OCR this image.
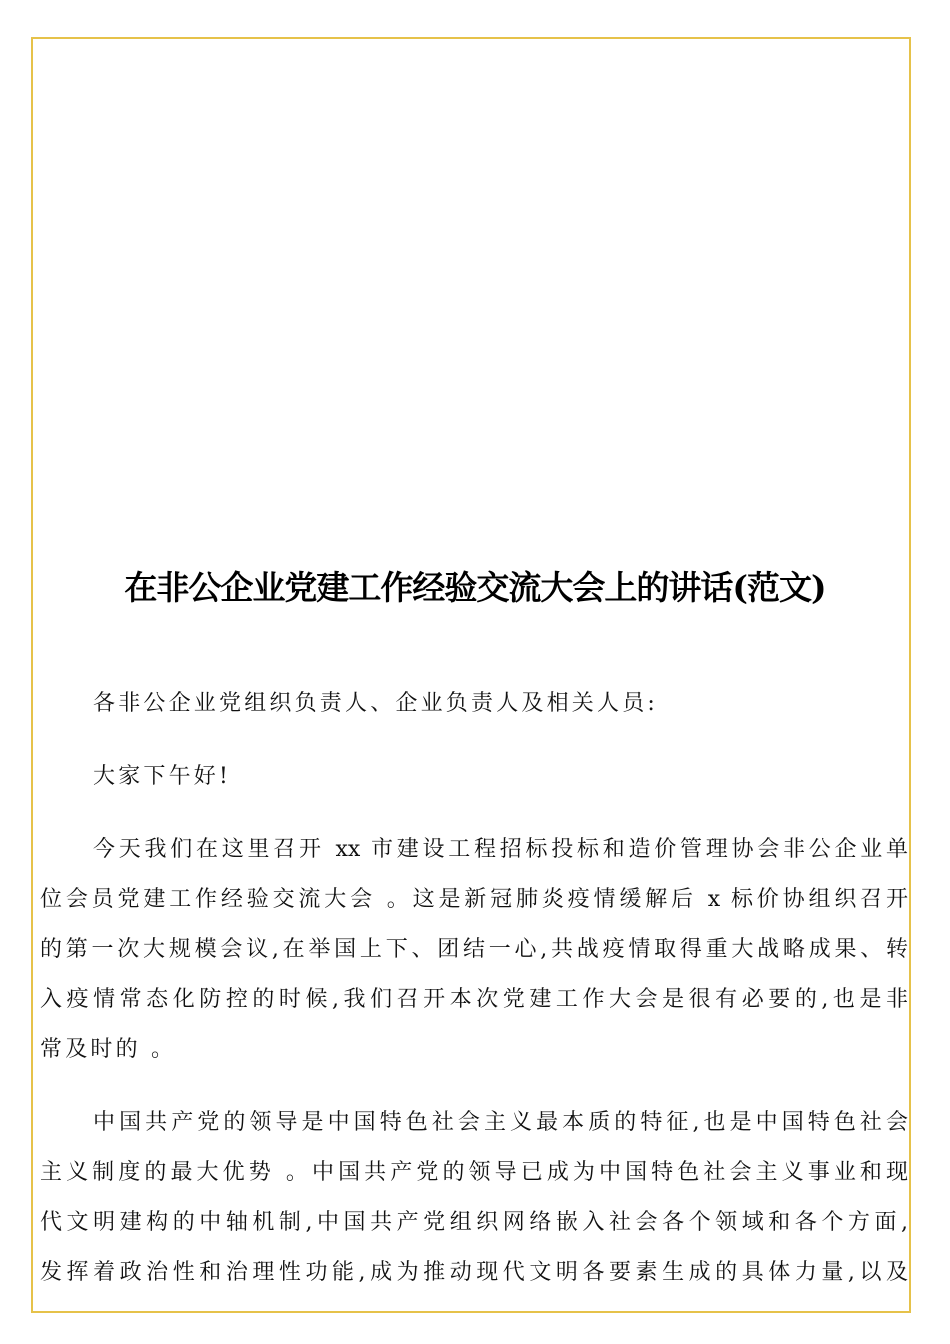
在非公企业党建工作经验交流大会上的讲话(范文)
各非公企业党组织负责人、企业负责人及相关人员:
大家下午好!
今天我们在这里召开 xx 市建设工程招标投标和造价管理协会非公企业单
位会员党建工作经验交流大会 。这是新冠肺炎疫情缓解后 x 标价协组织召开
的第一次大规模会议,在举国上下、团结一心,共战疫情取得重大战略成果、转
入疫情常态化防控的时候,我们召开本次党建工作大会是很有必要的,也是非
常及时的 。
中国共产党的领导是中国特色社会主义最本质的特征,也是中国特色社会
主义制度的最大优势 。中国共产党的领导已成为中国特色社会主义事业和现
代文明建构的中轴机制,中国共产党组织网络嵌入社会各个领域和各个方面,
发挥着政治性和治理性功能,成为推动现代文明各要素生成的具体力量,以及
